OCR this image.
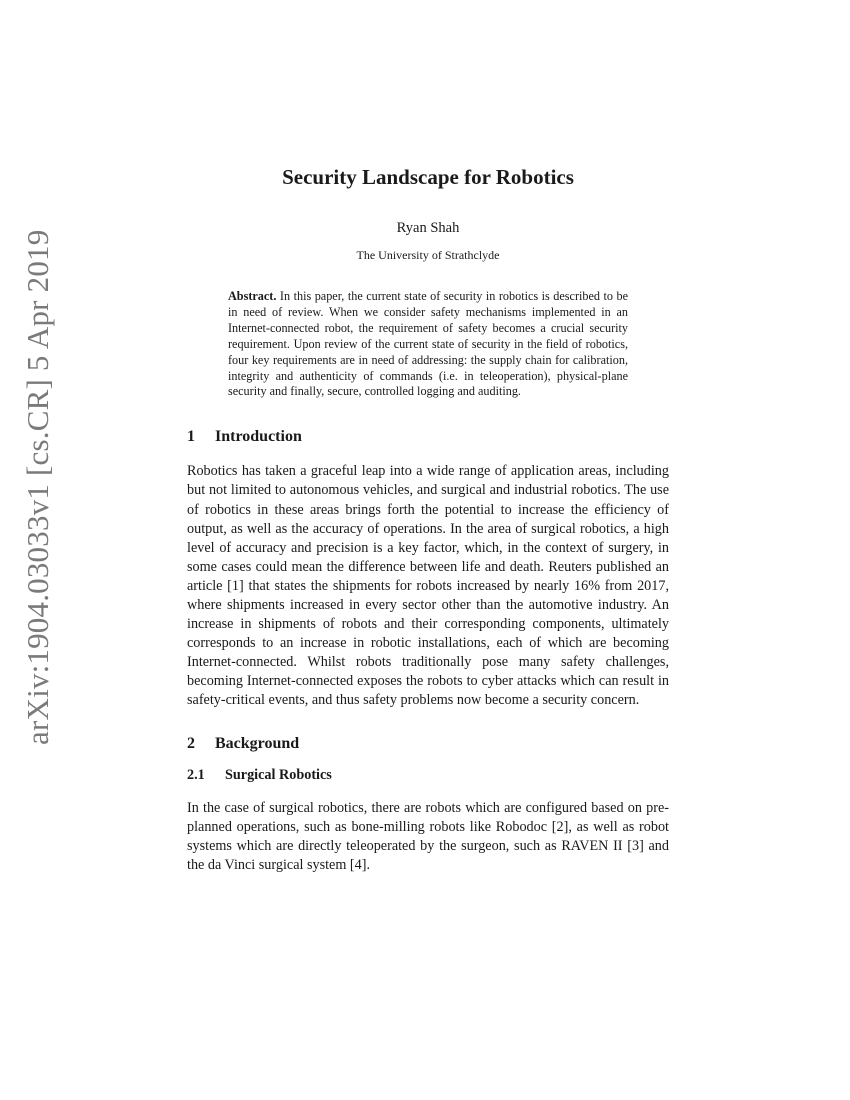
arXiv:1904.03033v1 [cs.CR] 5 Apr 2019
Security Landscape for Robotics
Ryan Shah
The University of Strathclyde
Abstract. In this paper, the current state of security in robotics is described to be in need of review. When we consider safety mechanisms implemented in an Internet-connected robot, the requirement of safety becomes a crucial security requirement. Upon review of the current state of security in the field of robotics, four key requirements are in need of addressing: the supply chain for calibration, integrity and authenticity of commands (i.e. in teleoperation), physical-plane security and finally, secure, controlled logging and auditing.
1 Introduction

Robotics has taken a graceful leap into a wide range of application areas, including but not limited to autonomous vehicles, and surgical and industrial robotics. The use of robotics in these areas brings forth the potential to increase the efficiency of output, as well as the accuracy of operations. In the area of surgical robotics, a high level of accuracy and precision is a key factor, which, in the context of surgery, in some cases could mean the difference between life and death. Reuters published an article [1] that states the shipments for robots increased by nearly 16% from 2017, where shipments increased in every sector other than the automotive industry. An increase in shipments of robots and their corresponding components, ultimately corresponds to an increase in robotic installations, each of which are becoming Internet-connected. Whilst robots traditionally pose many safety challenges, becoming Internet-connected exposes the robots to cyber attacks which can result in safety-critical events, and thus safety problems now become a security concern.

2 Background
2.1 Surgical Robotics

In the case of surgical robotics, there are robots which are configured based on pre-planned operations, such as bone-milling robots like Robodoc [2], as well as robot systems which are directly teleoperated by the surgeon, such as RAVEN II [3] and the da Vinci surgical system [4].
